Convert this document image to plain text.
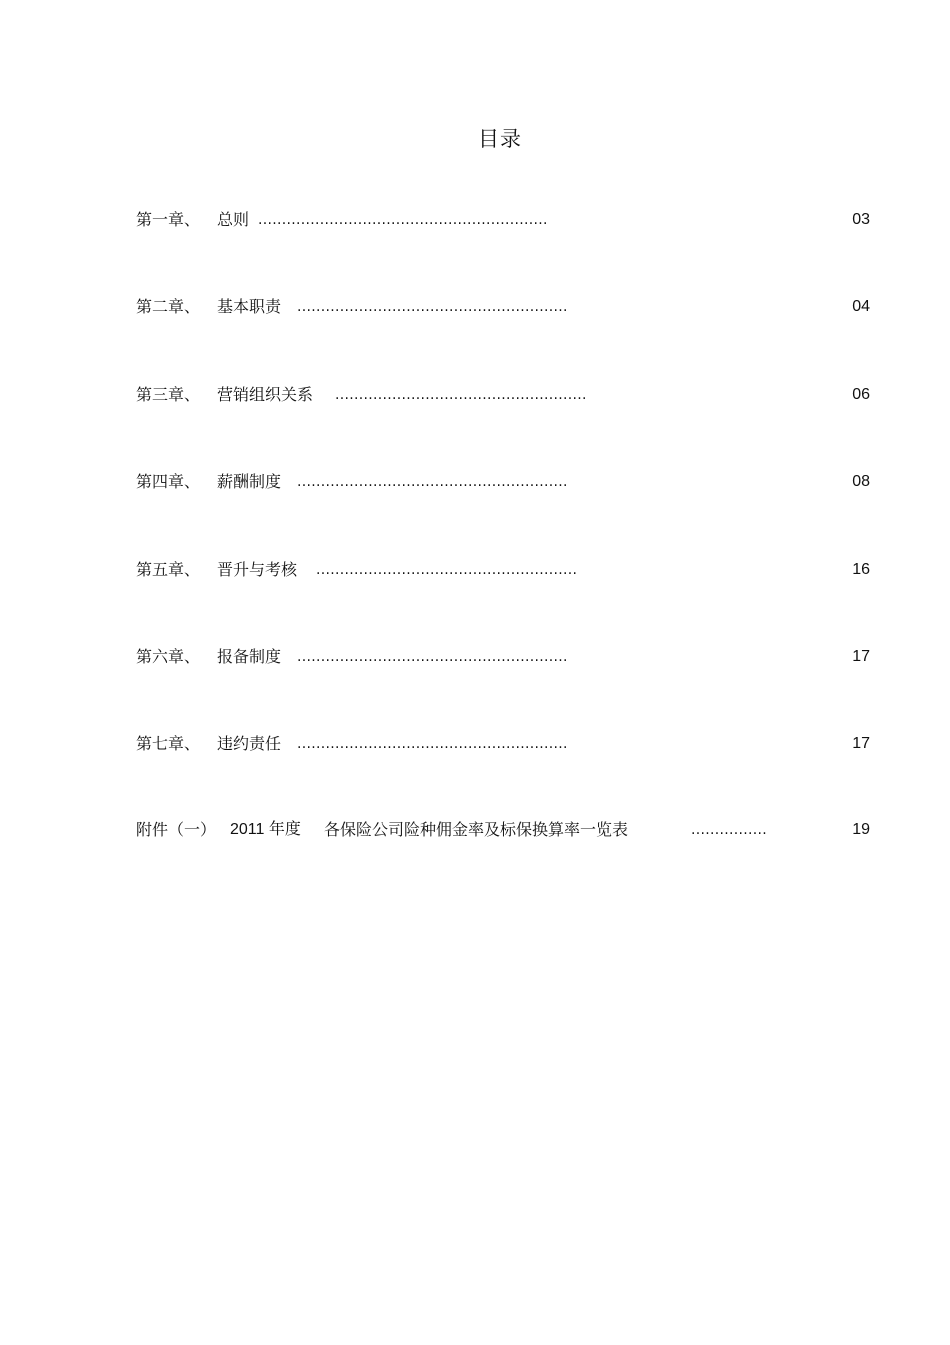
目录
第一章、 总则 .............................................................	03
第二章、 基本职责 .........................................................	04
第三章、 营销组织关系 .....................................................	06
第四章、 薪酬制度 .........................................................	08
第五章、 晋升与考核 .......................................................	16
第六章、 报备制度 .........................................................	17
第七章、 违约责任 .........................................................	17
附件（一） 2011 年度 各保险公司险种佣金率及标保换算率一览表	................	19
